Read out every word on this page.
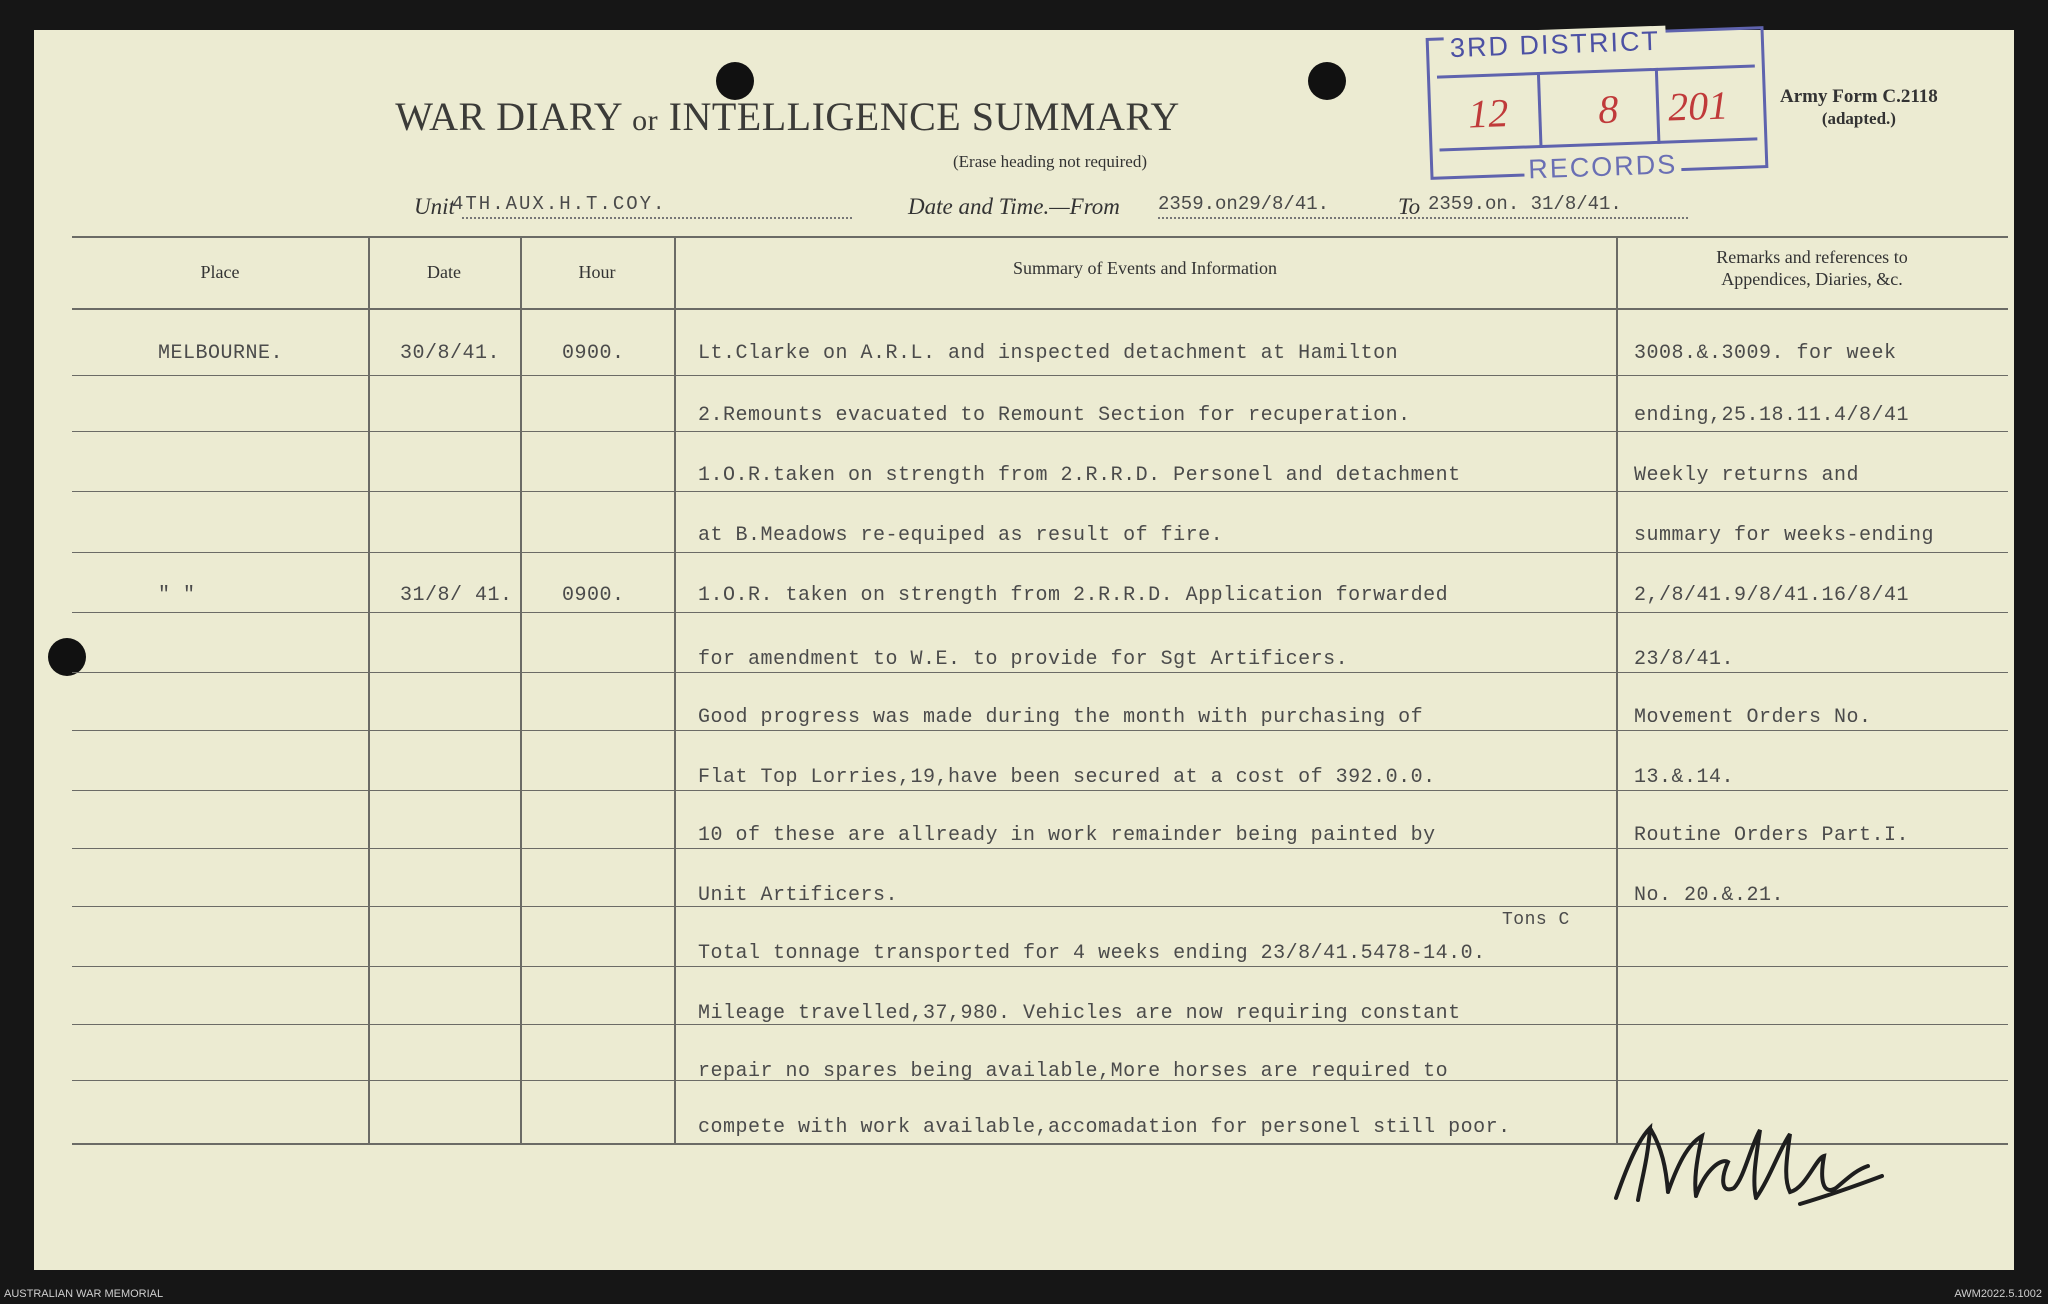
WAR DIARY or INTELLIGENCE SUMMARY
(Erase heading not required)
Army Form C.2118
(adapted.)
3RD DISTRICT
RECORDS
12 8 201
Unit
4TH.AUX.H.T.COY.	Date and Time.—From 2359.on29/8/41.	To 2359.on. 31/8/41.
Place	Date	Hour	Summary of Events and Information
Remarks and references to
Appendices, Diaries, &c.
MELBOURNE.	30/8/41.	0900.	Lt.Clarke on A.R.L. and inspected detachment at Hamilton	3008.&.3009. for week
2.Remounts evacuated to Remount Section for recuperation.	ending,25.18.11.4/8/41
1.O.R.taken on strength from 2.R.R.D. Personel and detachment	Weekly returns and
at B.Meadows re-equiped as result of fire.	summary for weeks-ending
" "	31/8/ 41. 0900.	1.O.R. taken on strength from 2.R.R.D. Application forwarded	2,/8/41.9/8/41.16/8/41
for amendment to W.E. to provide for Sgt Artificers.	23/8/41.
Good progress was made during the month with purchasing of	Movement Orders No.
Flat Top Lorries,19,have been secured at a cost of 392.0.0.	13.&.14.
10 of these are allready in work remainder being painted by	Routine Orders Part.I.
Unit Artificers.	No. 20.&.21.
Total tonnage transported for 4 weeks ending 23/8/41.5478-14.0.
Mileage travelled,37,980. Vehicles are now requiring constant
repair no spares being available,More horses are required to
compete with work available,accomadation for personel still poor.
Tons C
AUSTRALIAN WAR MEMORIAL	AWM2022.5.1002
